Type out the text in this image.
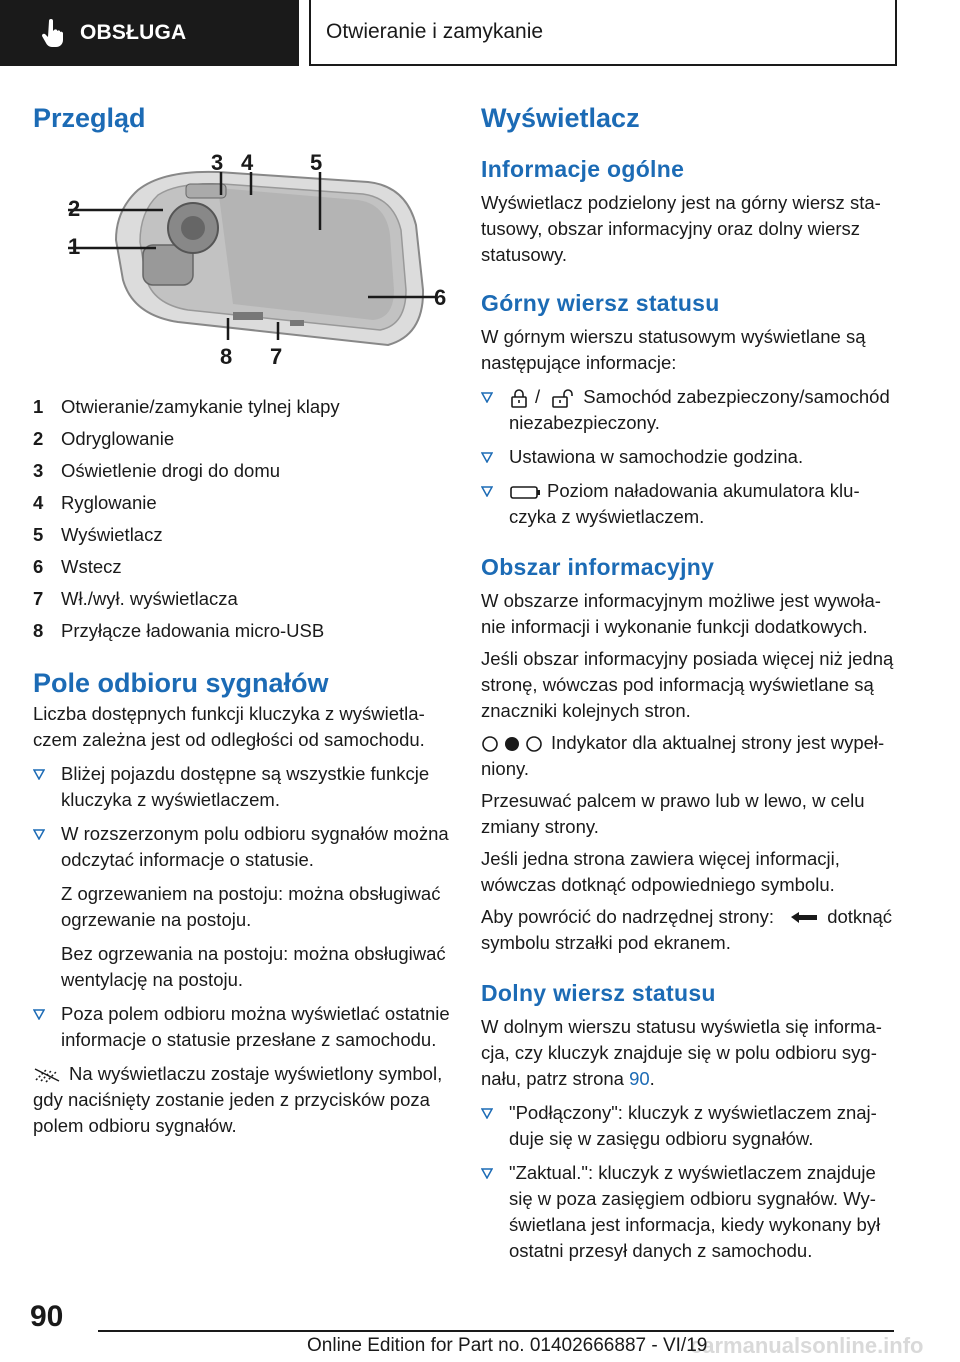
OBSŁUGA	Otwieranie i zamykanie
Przegląd
3 4	5
2
1
6
8 7
1 Otwieranie/zamykanie tylnej klapy
2 Odryglowanie
3 Oświetlenie drogi do domu
4 Ryglowanie
5 Wyświetlacz
6 Wstecz
7 Wł./wył. wyświetlacza
8 Przyłącze ładowania micro-USB
Pole odbioru sygnałów

Liczba dostępnych funkcji kluczyka z wyświetlaczem zależna jest od odległości od samochodu.

Bliżej pojazdu dostępne są wszystkie funkcje kluczyka z wyświetlaczem.
W rozszerzonym polu odbioru sygnałów można odczytać informacje o statusie.

Z ogrzewaniem na postoju: można obsługiwać ogrzewanie na postoju.

Bez ogrzewania na postoju: można obsługiwać wentylację na postoju.

Poza polem odbioru można wyświetlać ostatnie informacje o statusie przesłane z samochodu.

Na wyświetlaczu zostaje wyświetlony symbol, gdy naciśnięty zostanie jeden z przycisków poza polem odbioru sygnałów.

Wyświetlacz
Informacje ogólne

Wyświetlacz podzielony jest na górny wiersz statusowy, obszar informacyjny oraz dolny wiersz statusowy.

Górny wiersz statusu

W górnym wierszu statusowym wyświetlane są następujące informacje:

/ Samochód zabezpieczony/samochód niezabezpieczony.
Ustawiona w samochodzie godzina.
Poziom naładowania akumulatora kluczyka z wyświetlaczem.
Obszar informacyjny

W obszarze informacyjnym możliwe jest wywołanie informacji i wykonanie funkcji dodatkowych.

Jeśli obszar informacyjny posiada więcej niż jedną stronę, wówczas pod informacją wyświetlane są znaczniki kolejnych stron.

Indykator dla aktualnej strony jest wypełniony.

Przesuwać palcem w prawo lub w lewo, w celu zmiany strony.

Jeśli jedna strona zawiera więcej informacji, wówczas dotknąć odpowiedniego symbolu.

Aby powrócić do nadrzędnej strony:	dotknąć symbolu strzałki pod ekranem.

Dolny wiersz statusu

W dolnym wierszu statusu wyświetla się informacja, czy kluczyk znajduje się w polu odbioru sygnału, patrz strona 90.

"Podłączony": kluczyk z wyświetlaczem znajduje się w zasięgu odbioru sygnałów.
"Zaktual.": kluczyk z wyświetlaczem znajduje się w poza zasięgiem odbioru sygnałów. Wyświetlana jest informacja, kiedy wykonany był ostatni przesył danych z samochodu.
90
carmanualsonline.info
Online Edition for Part no. 01402666887 - VI/19
